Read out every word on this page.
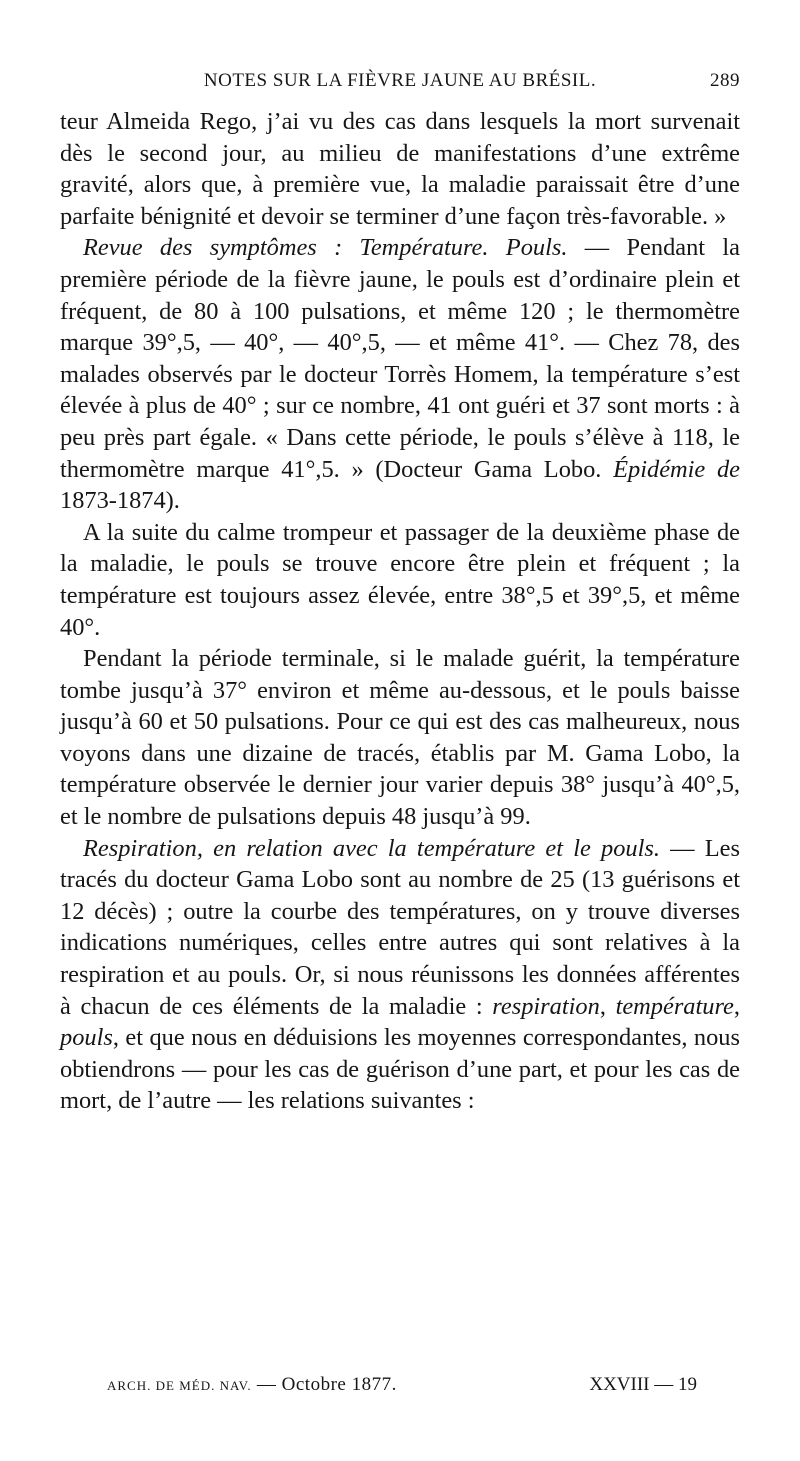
NOTES SUR LA FIÈVRE JAUNE AU BRÉSIL.	289

teur Almeida Rego, j’ai vu des cas dans lesquels la mort survenait dès le second jour, au milieu de manifestations d’une extrême gravité, alors que, à première vue, la maladie paraissait être d’une parfaite bénignité et devoir se terminer d’une façon très-favorable. »

Revue des symptômes : Température. Pouls. — Pendant la première période de la fièvre jaune, le pouls est d’ordinaire plein et fréquent, de 80 à 100 pulsations, et même 120 ; le thermomètre marque 39°,5, — 40°, — 40°,5, — et même 41°. — Chez 78, des malades observés par le docteur Torrès Homem, la température s’est élevée à plus de 40° ; sur ce nombre, 41 ont guéri et 37 sont morts : à peu près part égale. « Dans cette période, le pouls s’élève à 118, le thermomètre marque 41°,5. » (Docteur Gama Lobo. Épidémie de 1873-1874).

A la suite du calme trompeur et passager de la deuxième phase de la maladie, le pouls se trouve encore être plein et fréquent ; la température est toujours assez élevée, entre 38°,5 et 39°,5, et même 40°.

Pendant la période terminale, si le malade guérit, la température tombe jusqu’à 37° environ et même au-dessous, et le pouls baisse jusqu’à 60 et 50 pulsations. Pour ce qui est des cas malheureux, nous voyons dans une dizaine de tracés, établis par M. Gama Lobo, la température observée le dernier jour varier depuis 38° jusqu’à 40°,5, et le nombre de pulsations depuis 48 jusqu’à 99.

Respiration, en relation avec la température et le pouls. — Les tracés du docteur Gama Lobo sont au nombre de 25 (13 guérisons et 12 décès) ; outre la courbe des températures, on y trouve diverses indications numériques, celles entre autres qui sont relatives à la respiration et au pouls. Or, si nous réunissons les données afférentes à chacun de ces éléments de la maladie : respiration, température, pouls, et que nous en déduisions les moyennes correspondantes, nous obtiendrons — pour les cas de guérison d’une part, et pour les cas de mort, de l’autre — les relations suivantes :

ARCH. DE MÉD. NAV. — Octobre 1877.	XXVIII — 19
